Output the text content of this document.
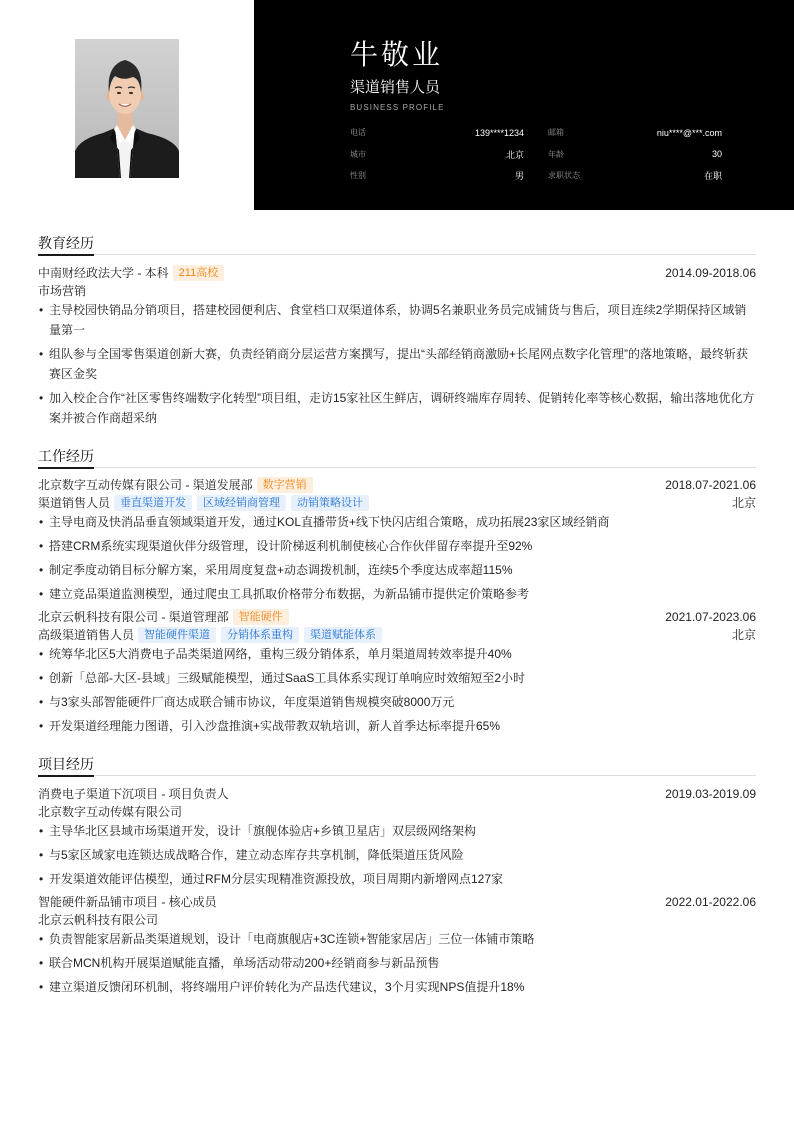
牛敬业
渠道销售人员
BUSINESS PROFILE
电话	139****1234	邮箱	niu****@***.com
城市	北京	年龄	30
性别	男	求职状态	在职
教育经历
中南财经政法大学 - 本科 211高校	2014.09-2018.06
市场营销
• 主导校园快销品分销项目，搭建校园便利店、食堂档口双渠道体系，协调5名兼职业务员完成铺货与售后，项目连续2学期保持区域销量第一
• 组队参与全国零售渠道创新大赛，负责经销商分层运营方案撰写，提出“头部经销商激励+长尾网点数字化管理”的落地策略，最终斩获赛区金奖
• 加入校企合作“社区零售终端数字化转型”项目组，走访15家社区生鲜店，调研终端库存周转、促销转化率等核心数据，输出落地优化方案并被合作商超采纳
工作经历
北京数字互动传媒有限公司 - 渠道发展部 数字营销	2018.07-2021.06
渠道销售人员 垂直渠道开发	区域经销商管理	动销策略设计	北京
• 主导电商及快消品垂直领域渠道开发，通过KOL直播带货+线下快闪店组合策略，成功拓展23家区域经销商
• 搭建CRM系统实现渠道伙伴分级管理，设计阶梯返利机制使核心合作伙伴留存率提升至92%
• 制定季度动销目标分解方案，采用周度复盘+动态调拨机制，连续5个季度达成率超115%
• 建立竞品渠道监测模型，通过爬虫工具抓取价格带分布数据，为新品铺市提供定价策略参考
北京云帆科技有限公司 - 渠道管理部 智能硬件	2021.07-2023.06
高级渠道销售人员 智能硬件渠道	分销体系重构	渠道赋能体系	北京
• 统筹华北区5大消费电子品类渠道网络，重构三级分销体系，单月渠道周转效率提升40%
• 创新「总部-大区-县域」三级赋能模型，通过SaaS工具体系实现订单响应时效缩短至2小时
• 与3家头部智能硬件厂商达成联合铺市协议，年度渠道销售规模突破8000万元
• 开发渠道经理能力图谱，引入沙盘推演+实战带教双轨培训，新人首季达标率提升65%
项目经历
消费电子渠道下沉项目 - 项目负责人	2019.03-2019.09
北京数字互动传媒有限公司
• 主导华北区县域市场渠道开发，设计「旗舰体验店+乡镇卫星店」双层级网络架构
• 与5家区域家电连锁达成战略合作，建立动态库存共享机制，降低渠道压货风险
• 开发渠道效能评估模型，通过RFM分层实现精准资源投放，项目周期内新增网点127家
智能硬件新品铺市项目 - 核心成员	2022.01-2022.06
北京云帆科技有限公司
• 负责智能家居新品类渠道规划，设计「电商旗舰店+3C连锁+智能家居店」三位一体铺市策略
• 联合MCN机构开展渠道赋能直播，单场活动带动200+经销商参与新品预售
• 建立渠道反馈闭环机制，将终端用户评价转化为产品迭代建议，3个月实现NPS值提升18%
